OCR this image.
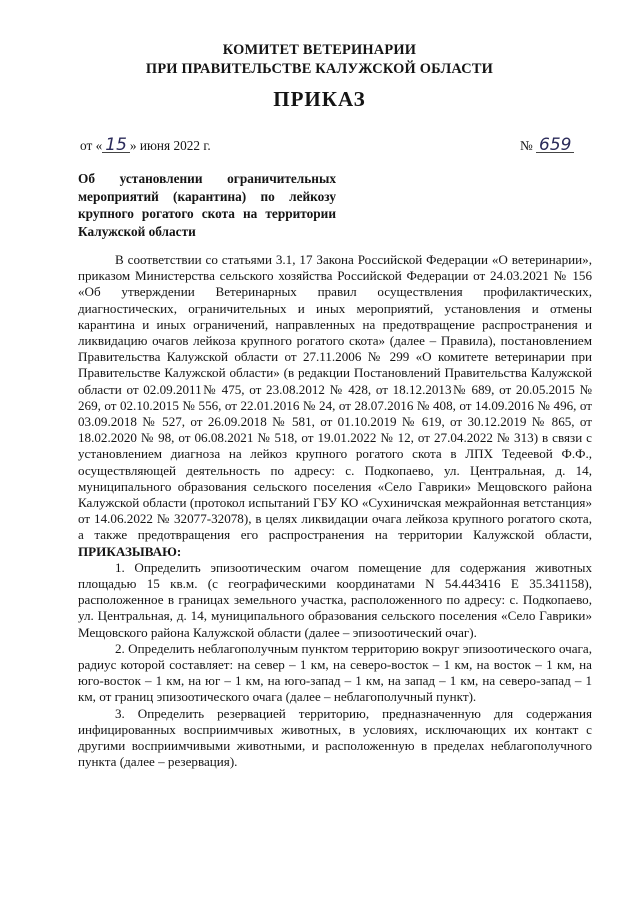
КОМИТЕТ ВЕТЕРИНАРИИ
ПРИ ПРАВИТЕЛЬСТВЕ КАЛУЖСКОЙ ОБЛАСТИ
ПРИКАЗ
от « 15 » июня 2022 г.	№ 659

Об установлении ограничительных

мероприятий (карантина) по лейкозу

крупного рогатого скота на территории

Калужской области

В соответствии со статьями 3.1, 17 Закона Российской Федерации «О ветеринарии», приказом Министерства сельского хозяйства Российской Федерации от 24.03.2021 № 156 «Об утверждении Ветеринарных правил осуществления профилактических, диагностических, ограничительных и иных мероприятий, установления и отмены карантина и иных ограничений, направленных на предотвращение распространения и ликвидацию очагов лейкоза крупного рогатого скота» (далее – Правила), постановлением Правительства Калужской области от 27.11.2006 № 299 «О комитете ветеринарии при Правительстве Калужской области» (в редакции Постановлений Правительства Калужской области от 02.09.2011№ 475, от 23.08.2012 № 428, от 18.12.2013№ 689, от 20.05.2015 № 269, от 02.10.2015 № 556, от 22.01.2016 № 24, от 28.07.2016 № 408, от 14.09.2016 № 496, от 03.09.2018 № 527, от 26.09.2018 № 581, от 01.10.2019 № 619, от 30.12.2019 № 865, от 18.02.2020 № 98, от 06.08.2021 № 518, от 19.01.2022 № 12, от 27.04.2022 № 313) в связи с установлением диагноза на лейкоз крупного рогатого скота в ЛПХ Тедеевой Ф.Ф., осуществляющей деятельность по адресу: с. Подкопаево, ул. Центральная, д. 14, муниципального образования сельского поселения «Село Гаврики» Мещовского района Калужской области (протокол испытаний ГБУ КО «Сухиничская межрайонная ветстанция» от 14.06.2022 № 32077-32078), в целях ликвидации очага лейкоза крупного рогатого скота, а также предотвращения его распространения на территории Калужской области, ПРИКАЗЫВАЮ:

1. Определить эпизоотическим очагом помещение для содержания животных площадью 15 кв.м. (с географическими координатами N 54.443416 E 35.341158), расположенное в границах земельного участка, расположенного по адресу: с. Подкопаево, ул. Центральная, д. 14, муниципального образования сельского поселения «Село Гаврики» Мещовского района Калужской области (далее – эпизоотический очаг).

2. Определить неблагополучным пунктом территорию вокруг эпизоотического очага, радиус которой составляет: на север – 1 км, на северо-восток – 1 км, на восток – 1 км, на юго-восток – 1 км, на юг – 1 км, на юго-запад – 1 км, на запад – 1 км, на северо-запад – 1 км, от границ эпизоотического очага (далее – неблагополучный пункт).

3. Определить резервацией территорию, предназначенную для содержания инфицированных восприимчивых животных, в условиях, исключающих их контакт с другими восприимчивыми животными, и расположенную в пределах неблагополучного пункта (далее – резервация).
